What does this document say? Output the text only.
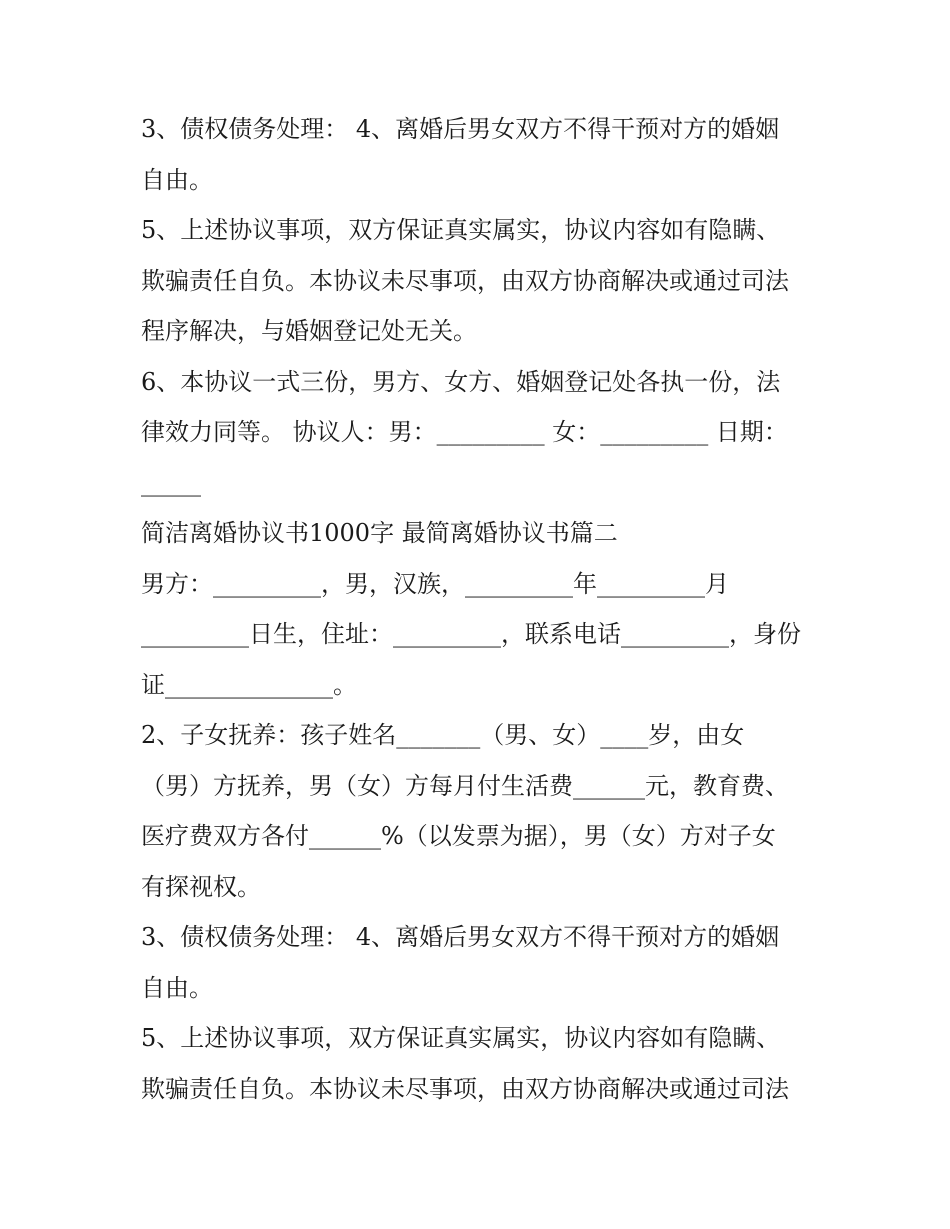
3、债权债务处理： 4、离婚后男女双方不得干预对方的婚姻
自由。
5、上述协议事项，双方保证真实属实，协议内容如有隐瞒、
欺骗责任自负。本协议未尽事项，由双方协商解决或通过司法
程序解决，与婚姻登记处无关。
6、本协议一式三份，男方、女方、婚姻登记处各执一份，法
律效力同等。 协议人：男：_________ 女：_________ 日期：
_____
简洁离婚协议书1000字 最简离婚协议书篇二
男方：_________，男，汉族，_________年_________月
_________日生，住址：_________，联系电话_________，身份
证______________。
2、子女抚养：孩子姓名_______（男、女）____岁，由女
（男）方抚养，男（女）方每月付生活费______元，教育费、
医疗费双方各付______%（以发票为据），男（女）方对子女
有探视权。
3、债权债务处理： 4、离婚后男女双方不得干预对方的婚姻
自由。
5、上述协议事项，双方保证真实属实，协议内容如有隐瞒、
欺骗责任自负。本协议未尽事项，由双方协商解决或通过司法
